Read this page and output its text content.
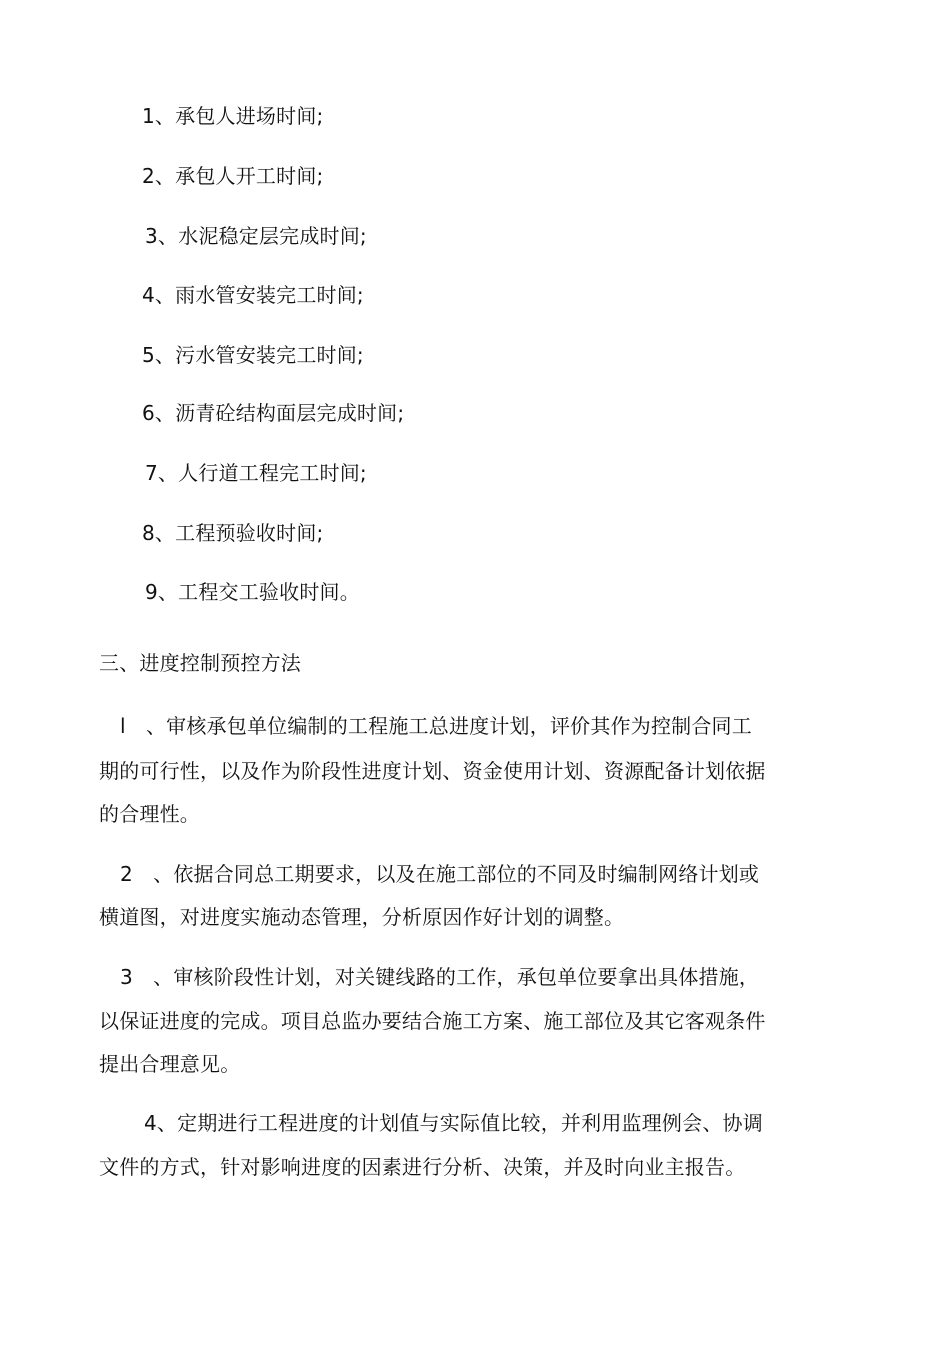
1、承包人进场时间;
2、承包人开工时间;
3、水泥稳定层完成时间;
4、雨水管安装完工时间;
5、污水管安装完工时间;
6、沥青砼结构面层完成时间;
7、人行道工程完工时间;
8、工程预验收时间;
9、工程交工验收时间。
三、进度控制预控方法
l　、审核承包单位编制的工程施工总进度计划，评价其作为控制合同工
期的可行性，以及作为阶段性进度计划、资金使用计划、资源配备计划依据
的合理性。
2　、依据合同总工期要求，以及在施工部位的不同及时编制网络计划或
横道图，对进度实施动态管理，分析原因作好计划的调整。
3　、审核阶段性计划，对关键线路的工作，承包单位要拿出具体措施，
以保证进度的完成。项目总监办要结合施工方案、施工部位及其它客观条件
提出合理意见。
4、定期进行工程进度的计划值与实际值比较，并利用监理例会、协调
文件的方式，针对影响进度的因素进行分析、决策，并及时向业主报告。
